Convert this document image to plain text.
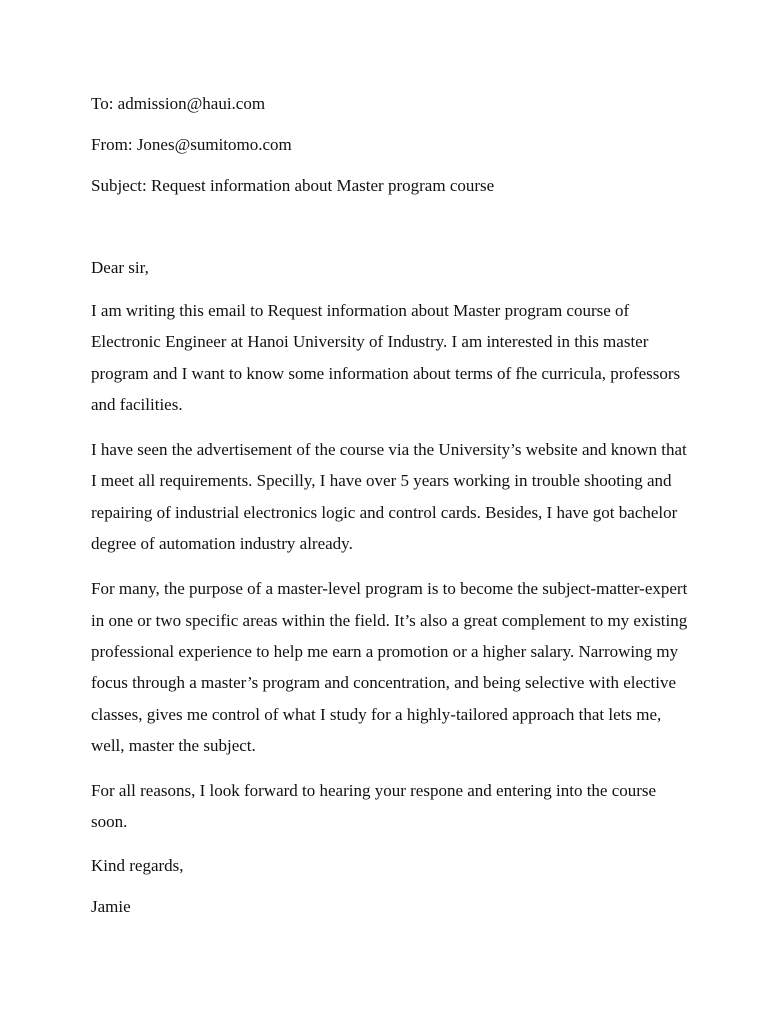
To: admission@haui.com

From: Jones@sumitomo.com

Subject: Request information about Master program course

Dear sir,

I am writing this email to Request information about Master program course of Electronic Engineer at Hanoi University of Industry. I am interested in this master program and I want to know some information about terms of fhe curricula, professors and facilities.

I have seen the advertisement of the course via the University’s website and known that I meet all requirements. Specilly, I have over 5 years working in trouble shooting and repairing of industrial electronics logic and control cards. Besides, I have got bachelor degree of automation industry already.

For many, the purpose of a master-level program is to become the subject-matter-expert in one or two specific areas within the field. It’s also a great complement to my existing professional experience to help me earn a promotion or a higher salary. Narrowing my focus through a master’s program and concentration, and being selective with elective classes, gives me control of what I study for a highly-tailored approach that lets me, well, master the subject.

For all reasons, I look forward to hearing your respone and entering into the course soon.

Kind regards,

Jamie
